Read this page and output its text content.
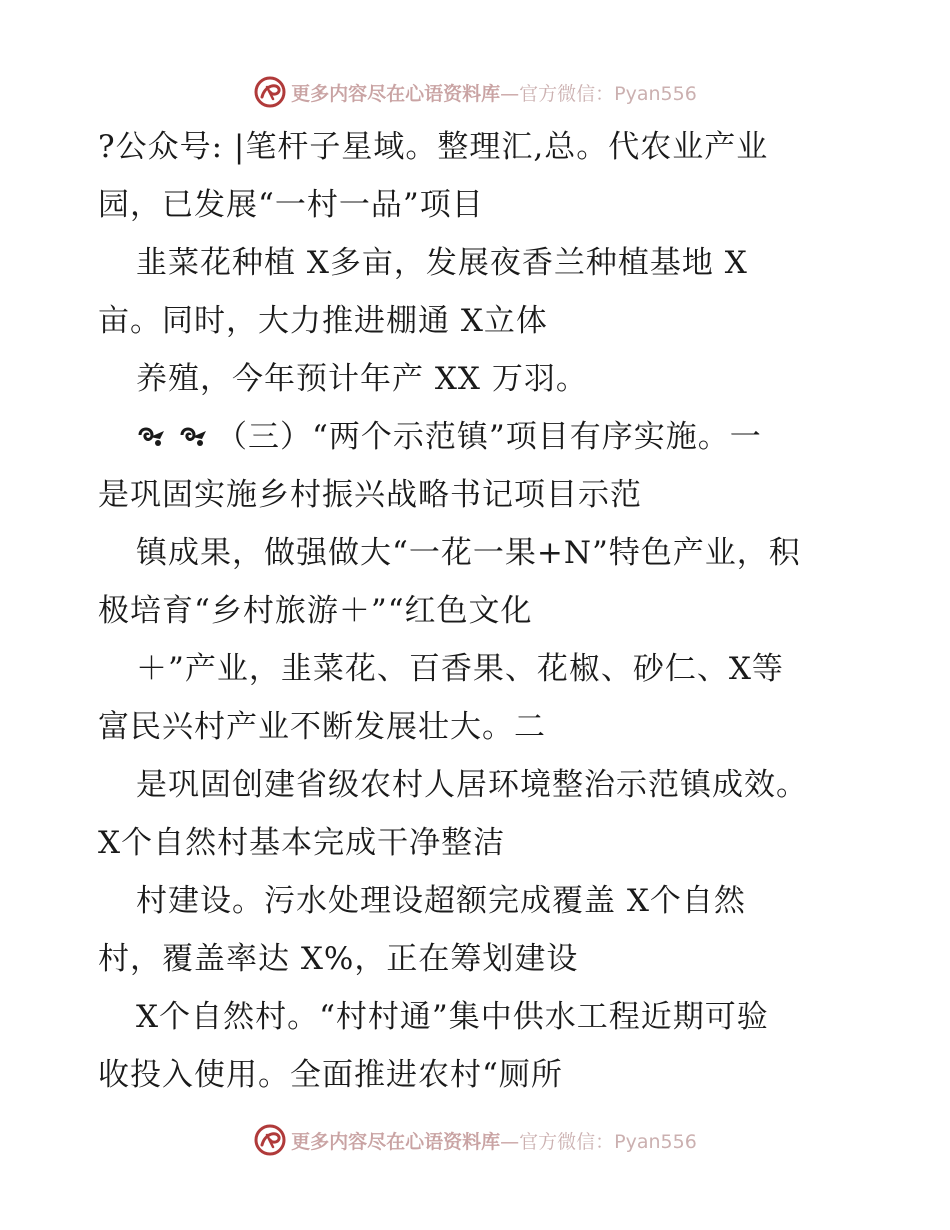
更多内容尽在心语资料库—官方微信：Pyan556
?公众号: |笔杆子星域。整理汇,总。代农业产业
园，已发展“一村一品”项目
韭菜花种植 X多亩，发展夜香兰种植基地 X
亩。同时，大力推进棚通 X立体
养殖，今年预计年产 XX 万羽。
（三）“两个示范镇”项目有序实施。一
是巩固实施乡村振兴战略书记项目示范
镇成果，做强做大“一花一果+N”特色产业，积
极培育“乡村旅游＋”“红色文化
＋”产业，韭菜花、百香果、花椒、砂仁、X等
富民兴村产业不断发展壮大。二
是巩固创建省级农村人居环境整治示范镇成效。
X个自然村基本完成干净整洁
村建设。污水处理设超额完成覆盖 X个自然
村，覆盖率达 X%，正在筹划建设
X个自然村。“村村通”集中供水工程近期可验
收投入使用。全面推进农村“厕所
更多内容尽在心语资料库—官方微信：Pyan556
